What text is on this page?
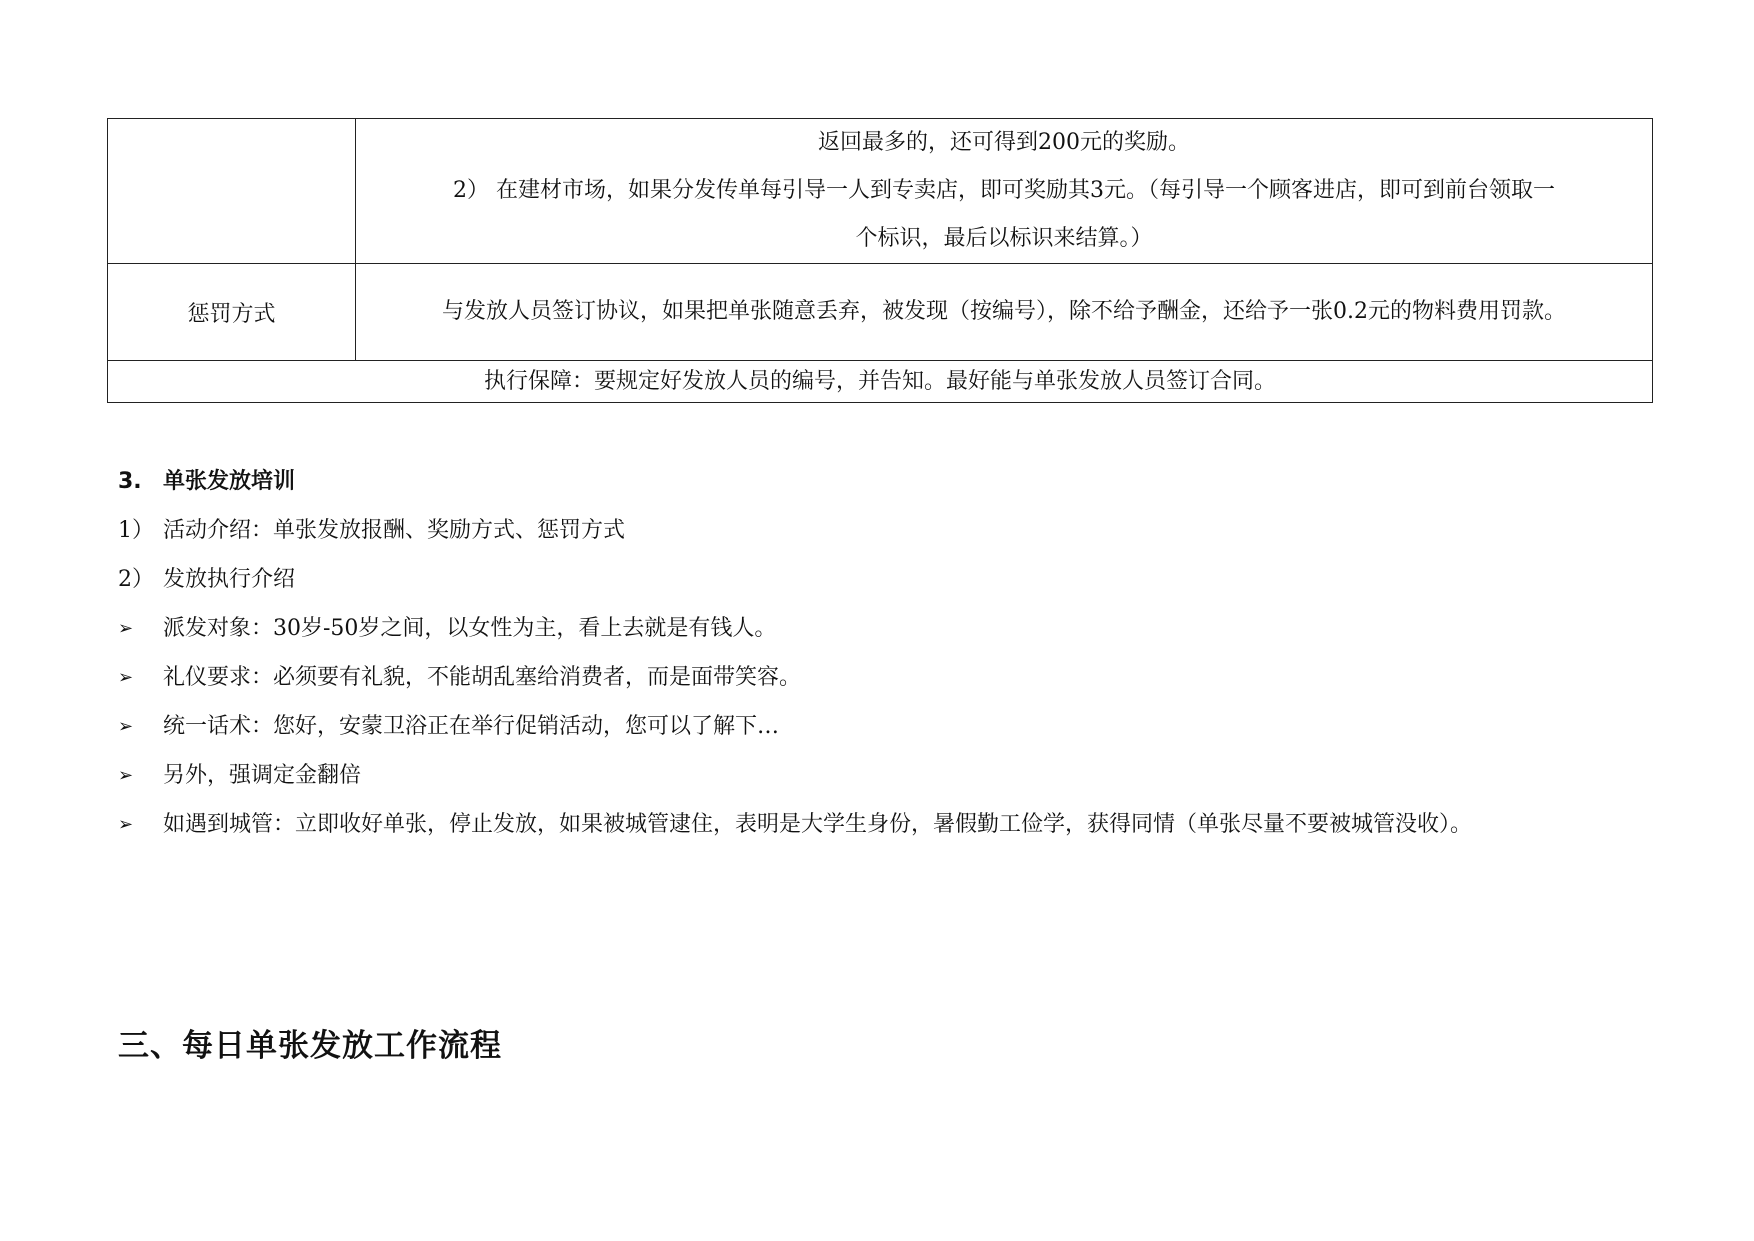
	返回最多的，还可得到200元的奖励。
2） 在建材市场，如果分发传单每引导一人到专卖店，即可奖励其3元。（每引导一个顾客进店，即可到前台领取一
个标识，最后以标识来结算。）

惩罚方式	与发放人员签订协议，如果把单张随意丢弃，被发现（按编号），除不给予酬金，还给予一张0.2元的物料费用罚款。
执行保障：要规定好发放人员的编号，并告知。最好能与单张发放人员签订合同。	
3. 单张发放培训
1） 活动介绍：单张发放报酬、奖励方式、惩罚方式
2） 发放执行介绍
➢	派发对象：30岁-50岁之间，以女性为主，看上去就是有钱人。
➢	礼仪要求：必须要有礼貌，不能胡乱塞给消费者，而是面带笑容。
➢	统一话术：您好，安蒙卫浴正在举行促销活动，您可以了解下…
➢	另外，强调定金翻倍
➢	如遇到城管：立即收好单张，停止发放，如果被城管逮住，表明是大学生身份，暑假勤工俭学，获得同情（单张尽量不要被城管没收）。
三、每日单张发放工作流程
